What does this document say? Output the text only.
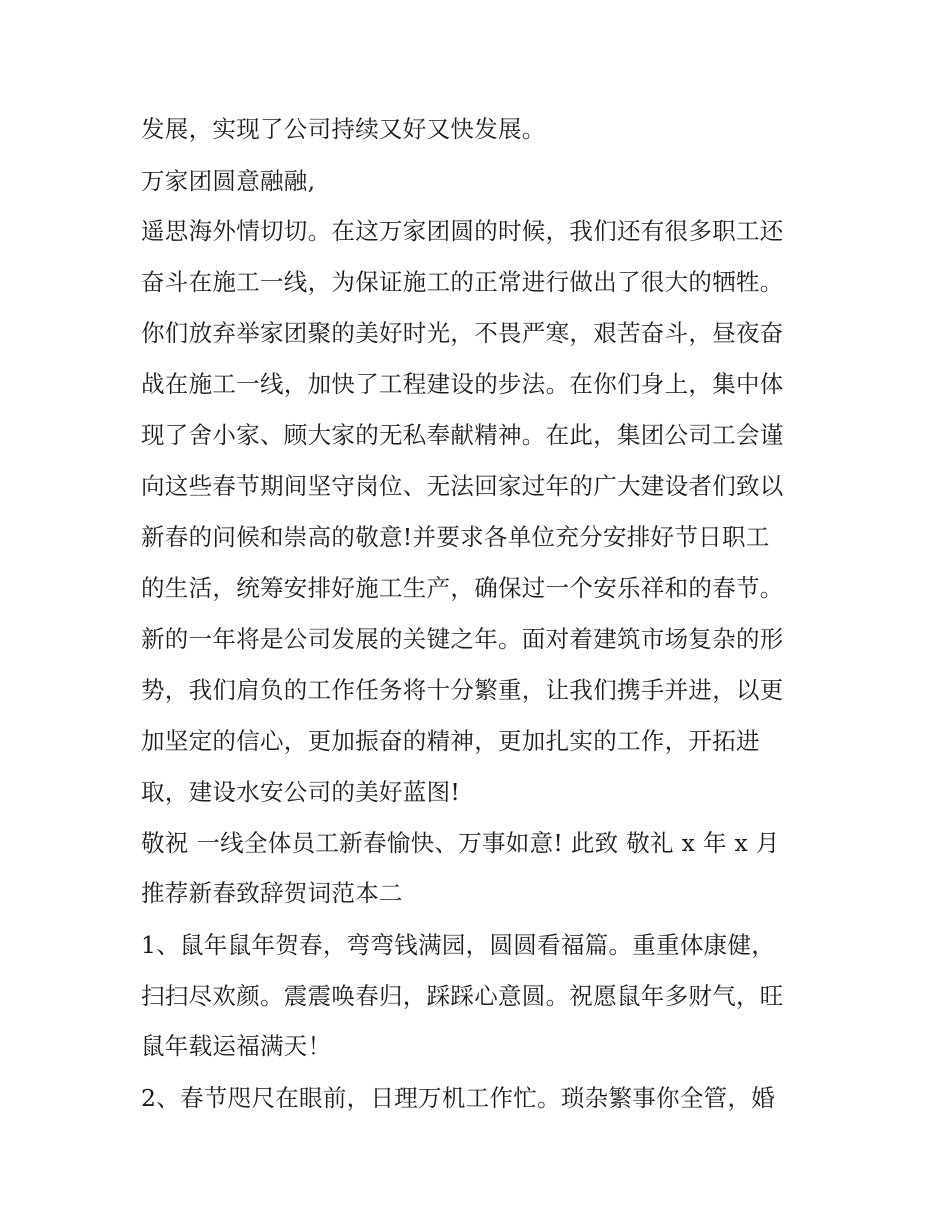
发展，实现了公司持续又好又快发展。
万家团圆意融融,
遥思海外情切切。在这万家团圆的时候，我们还有很多职工还
奋斗在施工一线，为保证施工的正常进行做出了很大的牺牲。
你们放弃举家团聚的美好时光，不畏严寒，艰苦奋斗，昼夜奋
战在施工一线，加快了工程建设的步法。在你们身上，集中体
现了舍小家、顾大家的无私奉献精神。在此，集团公司工会谨
向这些春节期间坚守岗位、无法回家过年的广大建设者们致以
新春的问候和崇高的敬意!并要求各单位充分安排好节日职工
的生活，统筹安排好施工生产，确保过一个安乐祥和的春节。
新的一年将是公司发展的关键之年。面对着建筑市场复杂的形
势，我们肩负的工作任务将十分繁重，让我们携手并进，以更
加坚定的信心，更加振奋的精神，更加扎实的工作，开拓进
取，建设水安公司的美好蓝图!
敬祝 一线全体员工新春愉快、万事如意! 此致 敬礼 x 年 x 月
推荐新春致辞贺词范本二
1、鼠年鼠年贺春，弯弯钱满园，圆圆看福篇。重重体康健，
扫扫尽欢颜。震震唤春归，踩踩心意圆。祝愿鼠年多财气，旺
鼠年载运福满天！
2、春节咫尺在眼前，日理万机工作忙。琐杂繁事你全管，婚
